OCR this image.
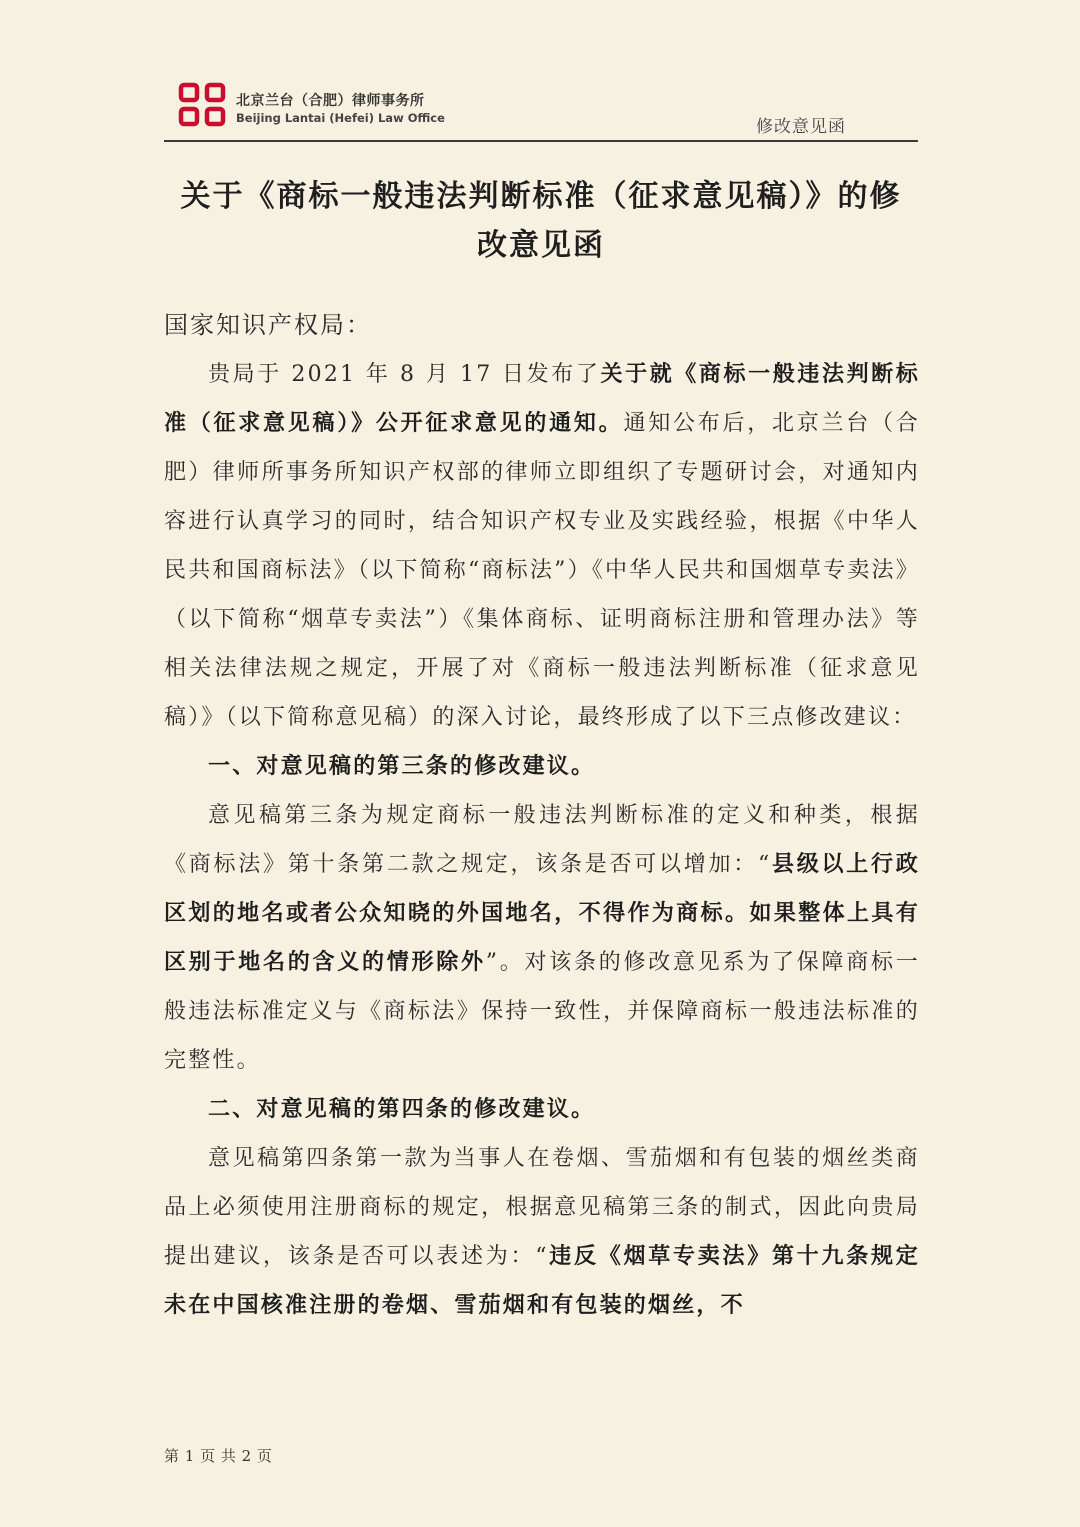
北京兰台（合肥）律师事务所
Beijing Lantai (Hefei) Law Office	修改意见函
关于《商标一般违法判断标准（征求意见稿）》的修
改意见函

国家知识产权局：

贵局于 2021 年 8 月 17 日发布了关于就《商标一般违法判断标准（征求意见稿）》公开征求意见的通知。通知公布后，北京兰台（合肥）律师所事务所知识产权部的律师立即组织了专题研讨会，对通知内容进行认真学习的同时，结合知识产权专业及实践经验，根据《中华人民共和国商标法》（以下简称“商标法”）《中华人民共和国烟草专卖法》（以下简称“烟草专卖法”）《集体商标、证明商标注册和管理办法》等相关法律法规之规定，开展了对《商标一般违法判断标准（征求意见稿）》（以下简称意见稿）的深入讨论，最终形成了以下三点修改建议：

一、对意见稿的第三条的修改建议。

意见稿第三条为规定商标一般违法判断标准的定义和种类，根据《商标法》第十条第二款之规定，该条是否可以增加：“县级以上行政区划的地名或者公众知晓的外国地名，不得作为商标。如果整体上具有区别于地名的含义的情形除外”。对该条的修改意见系为了保障商标一般违法标准定义与《商标法》保持一致性，并保障商标一般违法标准的完整性。

二、对意见稿的第四条的修改建议。

意见稿第四条第一款为当事人在卷烟、雪茄烟和有包装的烟丝类商品上必须使用注册商标的规定，根据意见稿第三条的制式，因此向贵局提出建议，该条是否可以表述为：“违反《烟草专卖法》第十九条规定未在中国核准注册的卷烟、雪茄烟和有包装的烟丝，不

第 1 页 共 2 页
